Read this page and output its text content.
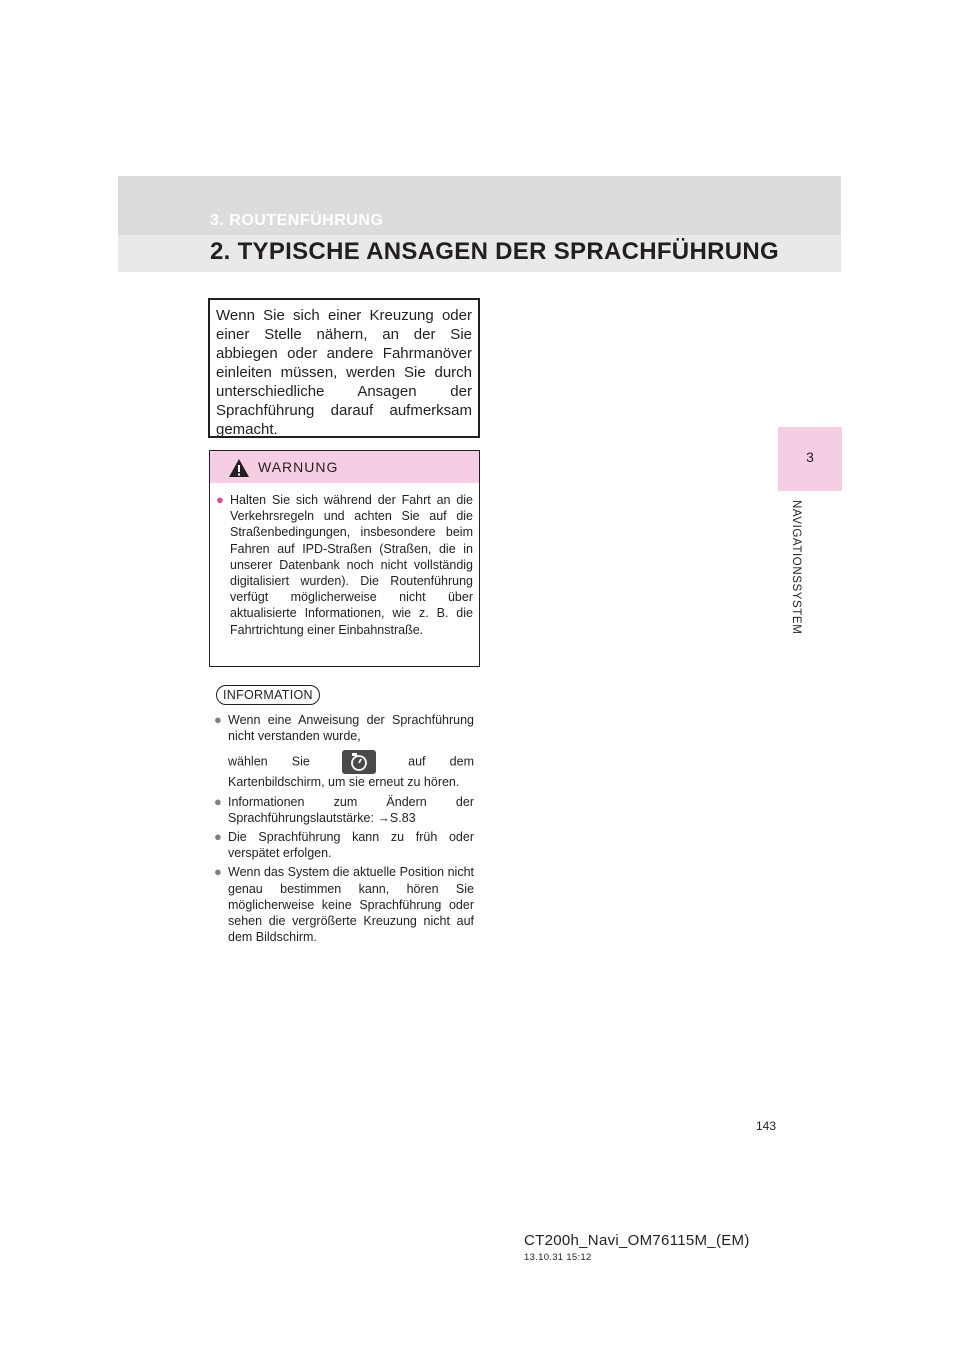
3. ROUTENFÜHRUNG
2. TYPISCHE ANSAGEN DER SPRACHFÜHRUNG
3
NAVIGATIONSSYSTEM
Wenn Sie sich einer Kreuzung oder einer Stelle nähern, an der Sie abbiegen oder andere Fahrmanöver einleiten müssen, werden Sie durch unterschiedliche Ansagen der Sprachführung darauf aufmerksam gemacht.
WARNUNG
● Halten Sie sich während der Fahrt an die Verkehrsregeln und achten Sie auf die Straßenbedingungen, insbesondere beim Fahren auf IPD-Straßen (Straßen, die in unserer Datenbank noch nicht vollständig digitalisiert wurden). Die Routenführung verfügt möglicherweise nicht über aktualisierte Informationen, wie z. B. die Fahrtrichtung einer Einbahnstraße.
INFORMATION
● Wenn eine Anweisung der Sprachführung nicht verstanden wurde,
wählen Sie	auf dem Kartenbildschirm, um sie erneut zu hören.
● Informationen zum Ändern der Sprachführungslautstärke: →S.83
● Die Sprachführung kann zu früh oder verspätet erfolgen.
● Wenn das System die aktuelle Position nicht genau bestimmen kann, hören Sie möglicherweise keine Sprachführung oder sehen die vergrößerte Kreuzung nicht auf dem Bildschirm.
143
CT200h_Navi_OM76115M_(EM)
13.10.31 15:12
